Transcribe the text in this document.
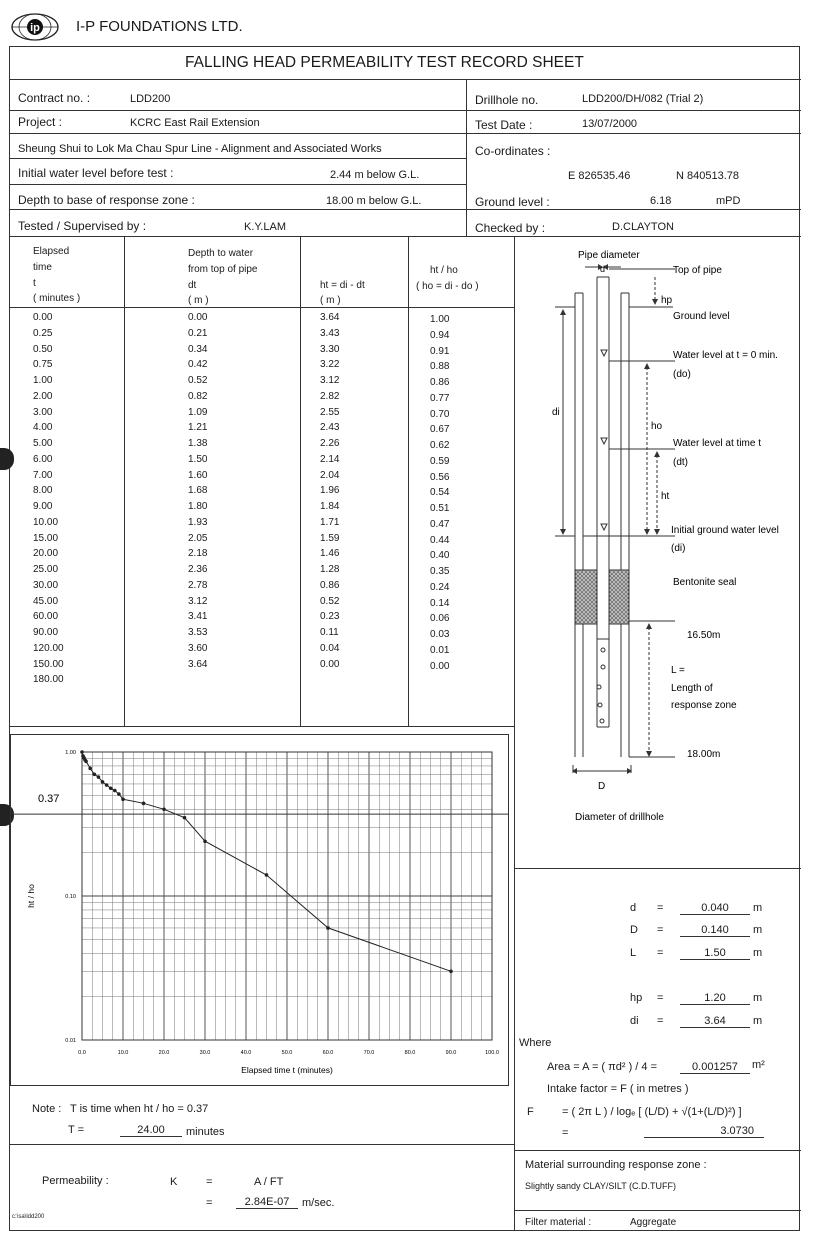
ip I-P FOUNDATIONS LTD.
FALLING HEAD PERMEABILITY TEST RECORD SHEET
Contract no. :	LDD200	Drillhole no.	LDD200/DH/082 (Trial 2)
Project :	KCRC East Rail Extension	Test Date :	13/07/2000
Sheung Shui to Lok Ma Chau Spur Line - Alignment and Associated Works	Co-ordinates :
Initial water level before test :	2.44 m below G.L.	E 826535.46	N 840513.78
Depth to base of response zone :	18.00 m below G.L.	Ground level :	6.18	mPD
Tested / Supervised by :	K.Y.LAM	Checked by :	D.CLAYTON
Elapsed
time
t
( minutes )
Depth to water
from top of pipe
dt
( m )
ht = di - dt
( m )
ht / ho
( ho = di - do )
0.00	0.00	3.64	1.00
0.25	0.21	3.43	0.94
0.50	0.34	3.30	0.91
0.75	0.42	3.22	0.88
1.00	0.52	3.12	0.86
2.00	0.82	2.82	0.77
3.00	1.09	2.55	0.70
4.00	1.21	2.43	0.67
5.00	1.38	2.26	0.62
6.00	1.50	2.14	0.59
7.00	1.60	2.04	0.56
8.00	1.68	1.96	0.54
9.00	1.80	1.84	0.51
10.00	1.93	1.71	0.47
15.00	2.05	1.59	0.44
20.00	2.18	1.46	0.40
25.00	2.36	1.28	0.35
30.00	2.78	0.86	0.24
45.00	3.12	0.52	0.14
60.00	3.41	0.23	0.06
90.00	3.53	0.11	0.03
120.00	3.60	0.04	0.01
150.00	3.64	0.00	0.00
180.00
Pipe diameter
d	Top of pipe
hp
Ground level
Water level at t = 0 min.
(do)
di
ho
Water level at time t
(dt)
ht
Initial ground water level
(di)
Bentonite seal
16.50m
L =
Length of
response zone
18.00m
D
Diameter of drillhole
0.37
0.0	10.0	20.0	30.0	40.0	50.0	60.0	70.0	80.0	90.0	100.0
1.00
0.10
0.01
Elapsed time t (minutes)
ht / ho
Note : T is time when ht / ho = 0.37
T =	24.00	minutes
d =	0.040	m
D =	0.140	m
L =	1.50	m
hp =	1.20	m
di =	3.64	m
Where
Area = A = ( πd² ) / 4 =	0.001257	m²
Intake factor = F ( in metres )
F	= ( 2π L ) / logₑ [ (L/D) + √(1+(L/D)²) ]
=	3.0730
Permeability :	K	=	A / FT
=	2.84E-07	m/sec.
c:\sa\ldd200
Material surrounding response zone :
Slightly sandy CLAY/SILT (C.D.TUFF)
Filter material :	Aggregate
